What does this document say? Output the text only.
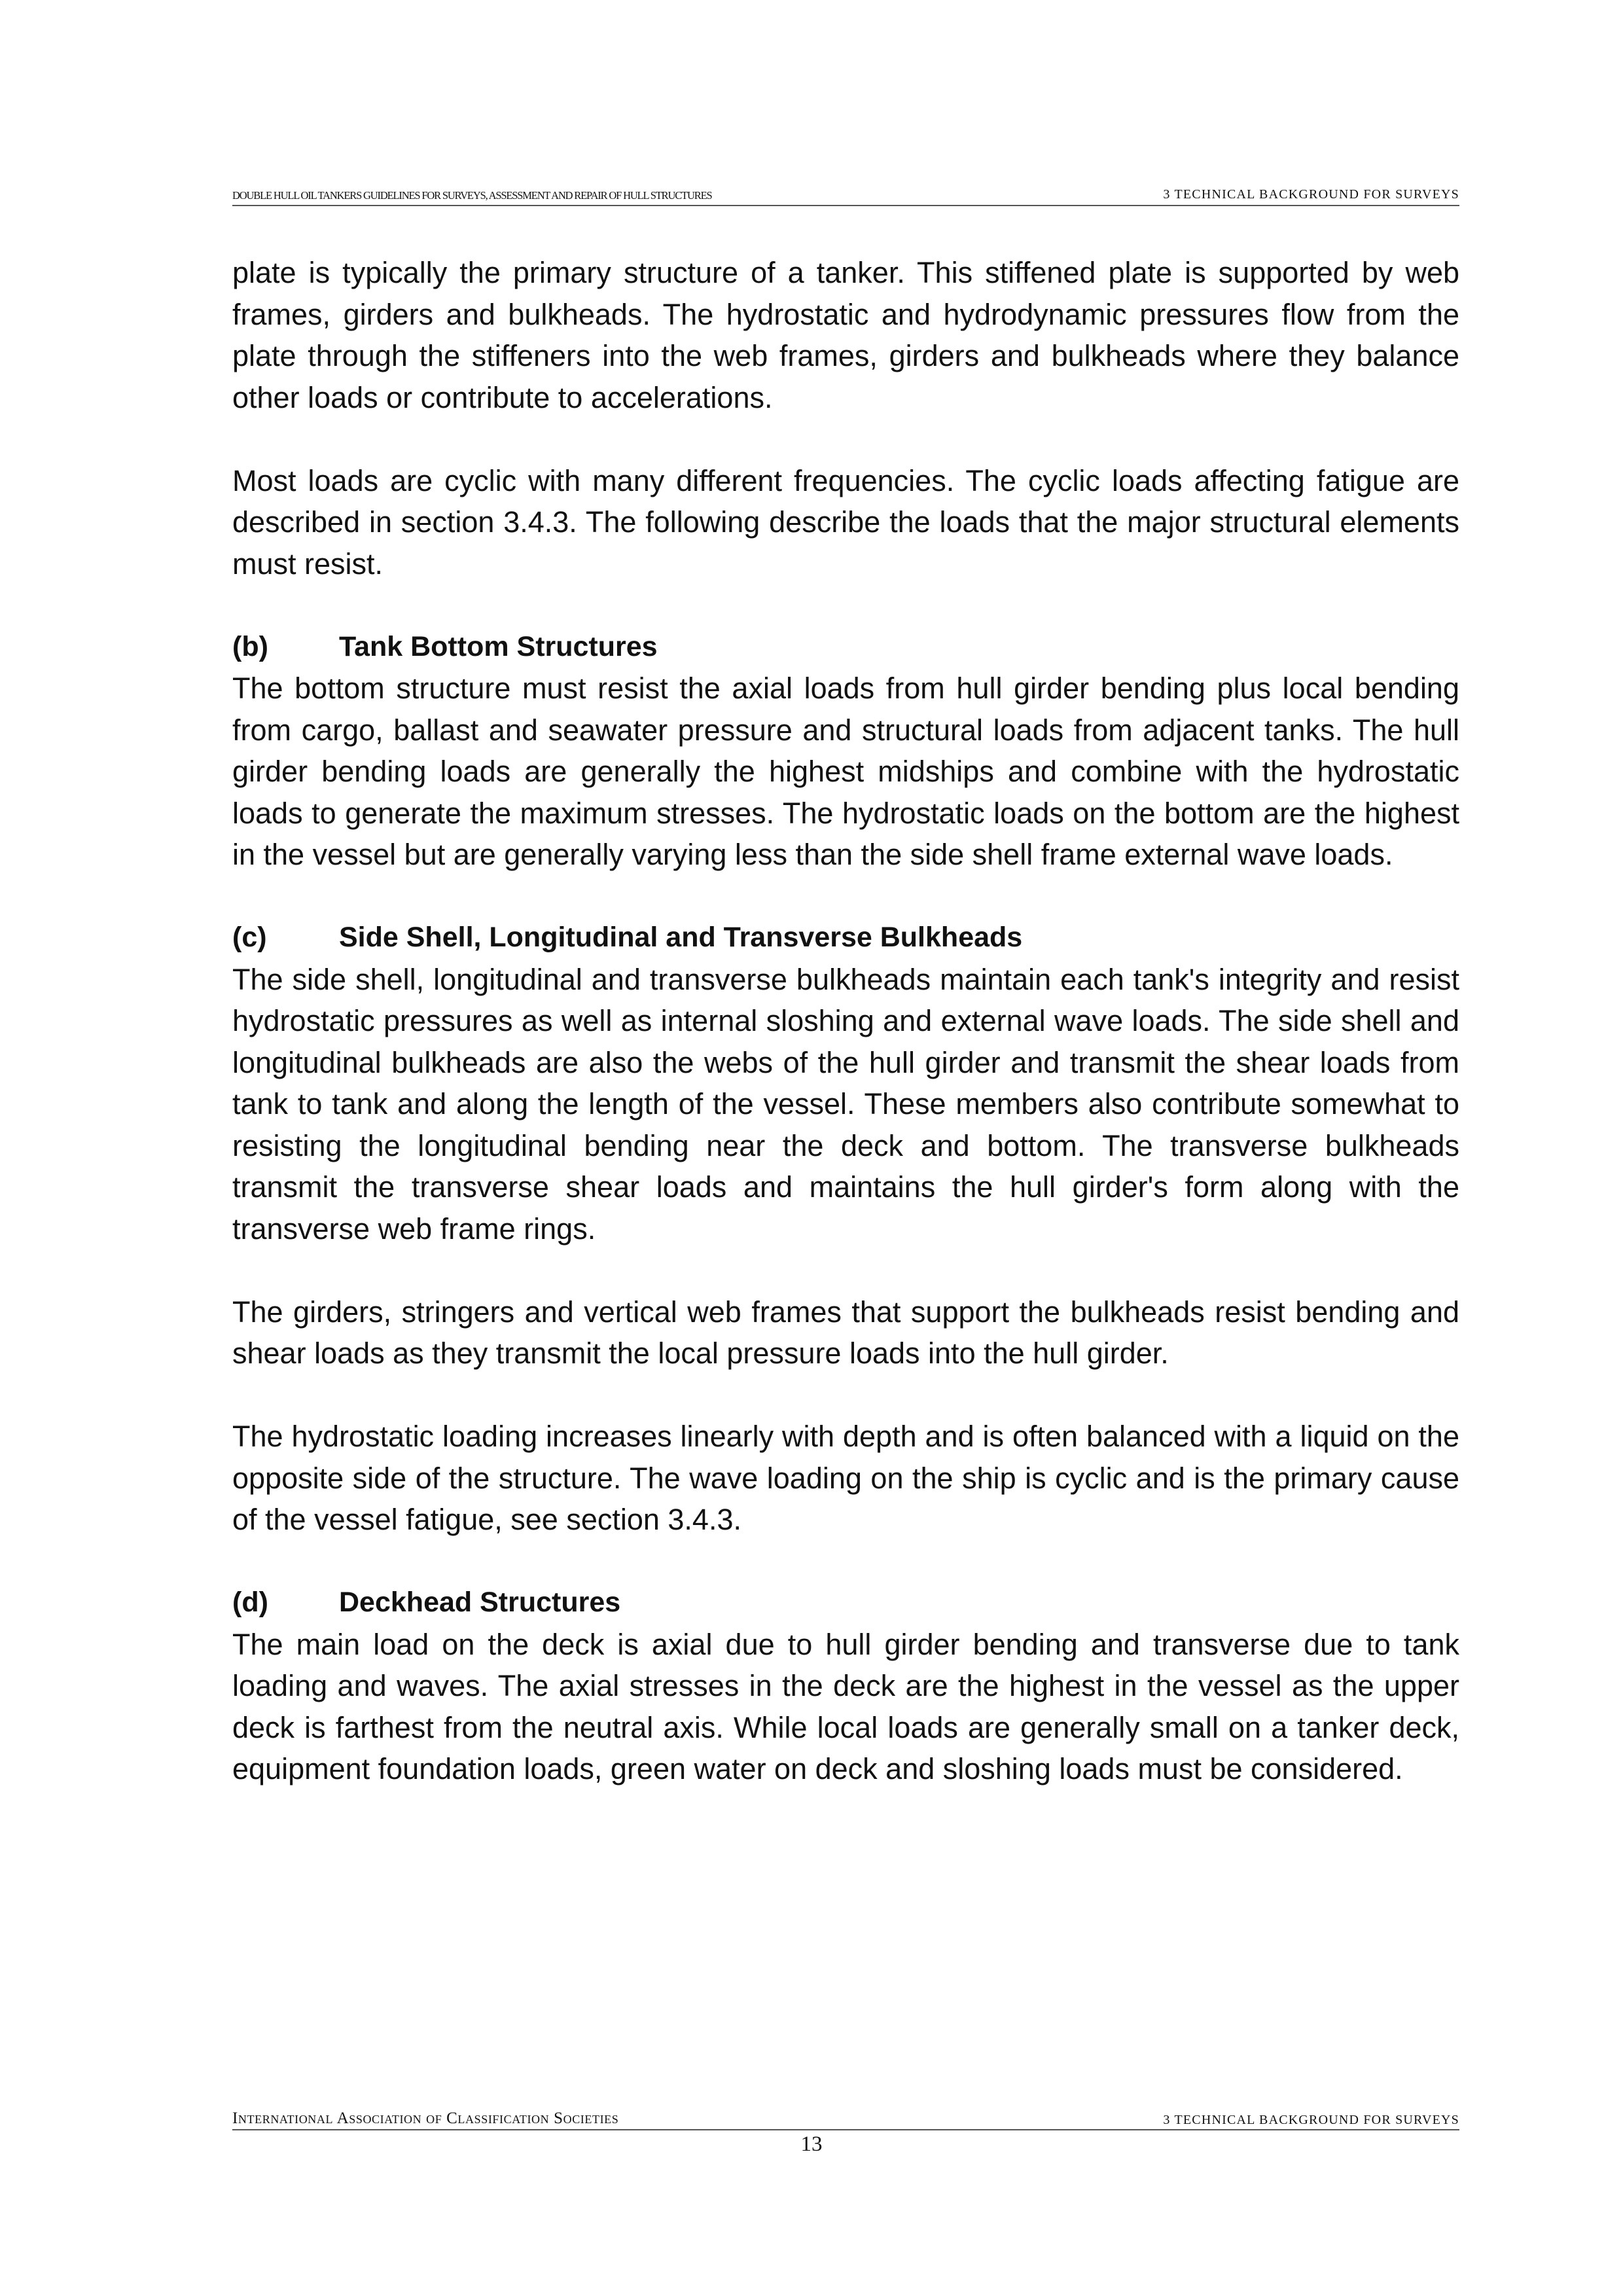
DOUBLE HULL OIL TANKERS GUIDELINES FOR SURVEYS, ASSESSMENT AND REPAIR OF HULL STRUCTURES	3 TECHNICAL BACKGROUND FOR SURVEYS

plate is typically the primary structure of a tanker. This stiffened plate is supported by web frames, girders and bulkheads. The hydrostatic and hydrodynamic pressures flow from the plate through the stiffeners into the web frames, girders and bulkheads where they balance other loads or contribute to accelerations.

Most loads are cyclic with many different frequencies. The cyclic loads affecting fatigue are described in section 3.4.3. The following describe the loads that the major structural elements must resist.

(b)	Tank Bottom Structures

The bottom structure must resist the axial loads from hull girder bending plus local bending from cargo, ballast and seawater pressure and structural loads from adjacent tanks. The hull girder bending loads are generally the highest midships and combine with the hydrostatic loads to generate the maximum stresses. The hydrostatic loads on the bottom are the highest in the vessel but are generally varying less than the side shell frame external wave loads.

(c)	Side Shell, Longitudinal and Transverse Bulkheads

The side shell, longitudinal and transverse bulkheads maintain each tank's integrity and resist hydrostatic pressures as well as internal sloshing and external wave loads. The side shell and longitudinal bulkheads are also the webs of the hull girder and transmit the shear loads from tank to tank and along the length of the vessel. These members also contribute somewhat to resisting the longitudinal bending near the deck and bottom. The transverse bulkheads transmit the transverse shear loads and maintains the hull girder's form along with the transverse web frame rings.

The girders, stringers and vertical web frames that support the bulkheads resist bending and shear loads as they transmit the local pressure loads into the hull girder.

The hydrostatic loading increases linearly with depth and is often balanced with a liquid on the opposite side of the structure. The wave loading on the ship is cyclic and is the primary cause of the vessel fatigue, see section 3.4.3.

(d)	Deckhead Structures

The main load on the deck is axial due to hull girder bending and transverse due to tank loading and waves. The axial stresses in the deck are the highest in the vessel as the upper deck is farthest from the neutral axis. While local loads are generally small on a tanker deck, equipment foundation loads, green water on deck and sloshing loads must be considered.

International Association of Classification Societies	3 TECHNICAL BACKGROUND FOR SURVEYS
13
